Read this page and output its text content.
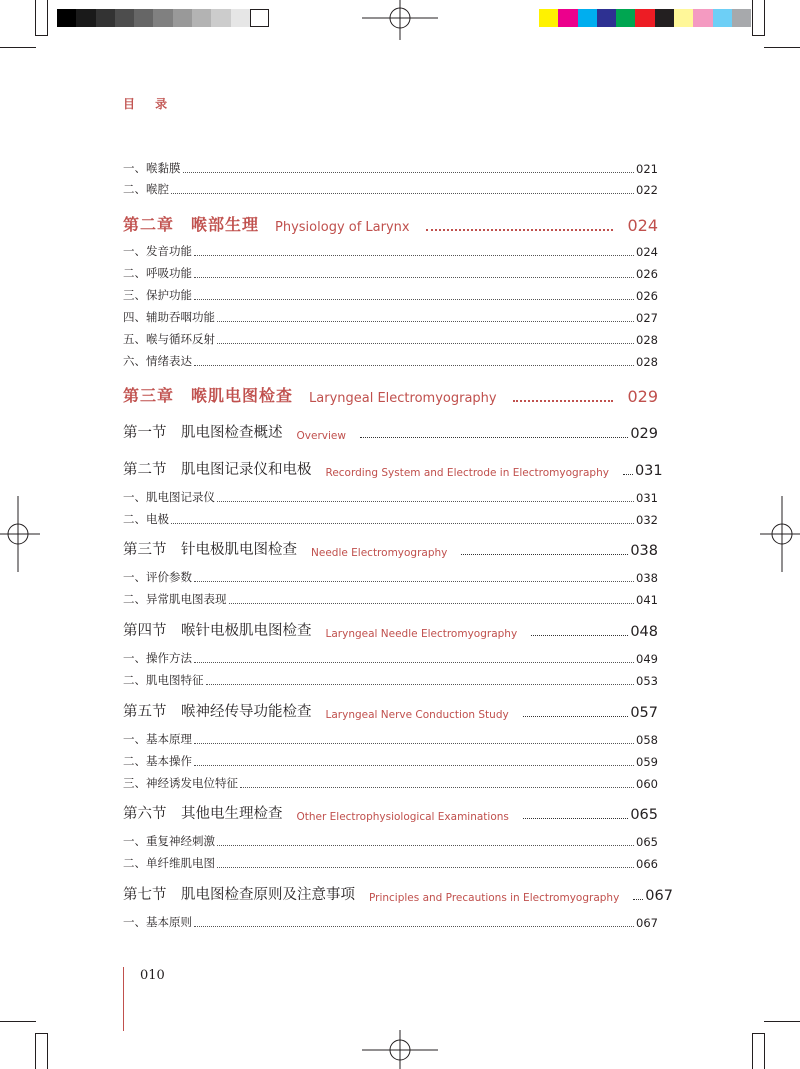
目 录
一、喉黏膜	021
二、喉腔	022
第二章　喉部生理 Physiology of Larynx	024
一、发音功能	024
二、呼吸功能	026
三、保护功能	026
四、辅助吞咽功能	027
五、喉与循环反射	028
六、情绪表达	028
第三章　喉肌电图检查 Laryngeal Electromyography	029
第一节　肌电图检查概述 Overview	029
第二节　肌电图记录仪和电极 Recording System and Electrode in Electromyography 031
一、肌电图记录仪	031
二、电极	032
第三节　针电极肌电图检查 Needle Electromyography	038
一、评价参数	038
二、异常肌电图表现	041
第四节　喉针电极肌电图检查 Laryngeal Needle Electromyography	048
一、操作方法	049
二、肌电图特征	053
第五节　喉神经传导功能检查 Laryngeal Nerve Conduction Study	057
一、基本原理	058
二、基本操作	059
三、神经诱发电位特征	060
第六节　其他电生理检查 Other Electrophysiological Examinations	065
一、重复神经刺激	065
二、单纤维肌电图	066
第七节　肌电图检查原则及注意事项 Principles and Precautions in Electromyography 067
一、基本原则	067
010
